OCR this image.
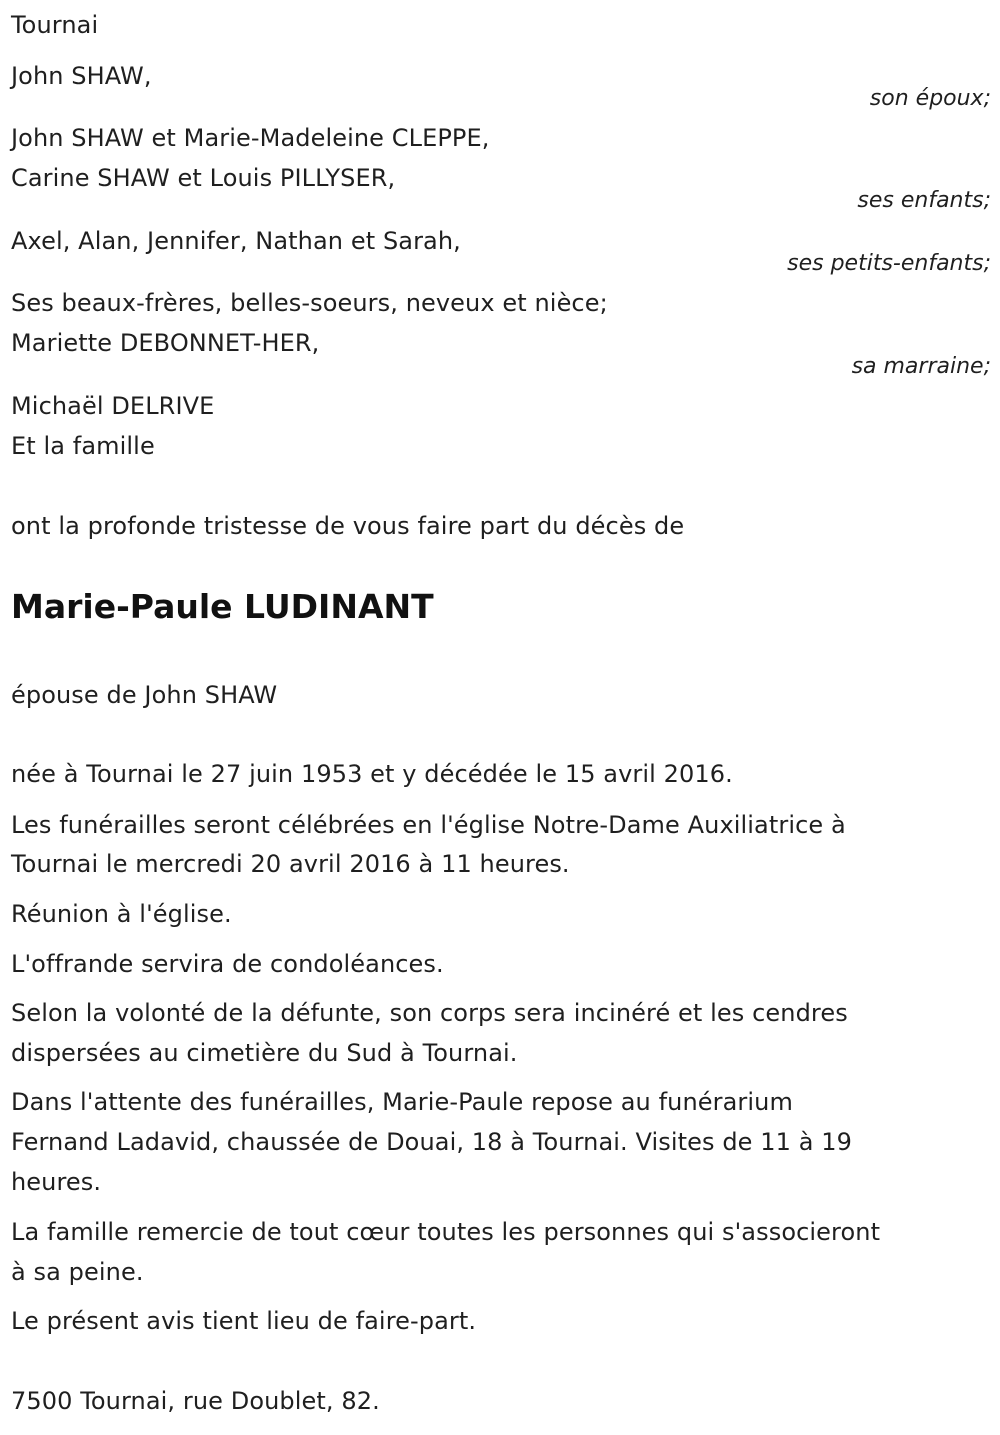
Tournai
John SHAW,
son époux;
John SHAW et Marie-Madeleine CLEPPE,
Carine SHAW et Louis PILLYSER,
ses enfants;
Axel, Alan, Jennifer, Nathan et Sarah,
ses petits-enfants;
Ses beaux-frères, belles-soeurs, neveux et nièce;
Mariette DEBONNET-HER,
sa marraine;
Michaël DELRIVE
Et la famille
ont la profonde tristesse de vous faire part du décès de
Marie-Paule LUDINANT
épouse de John SHAW
née à Tournai le 27 juin 1953 et y décédée le 15 avril 2016.
Les funérailles seront célébrées en l'église Notre-Dame Auxiliatrice à
Tournai le mercredi 20 avril 2016 à 11 heures.
Réunion à l'église.
L'offrande servira de condoléances.
Selon la volonté de la défunte, son corps sera incinéré et les cendres
dispersées au cimetière du Sud à Tournai.
Dans l'attente des funérailles, Marie-Paule repose au funérarium
Fernand Ladavid, chaussée de Douai, 18 à Tournai. Visites de 11 à 19
heures.
La famille remercie de tout cœur toutes les personnes qui s'associeront
à sa peine.
Le présent avis tient lieu de faire-part.
7500 Tournai, rue Doublet, 82.
